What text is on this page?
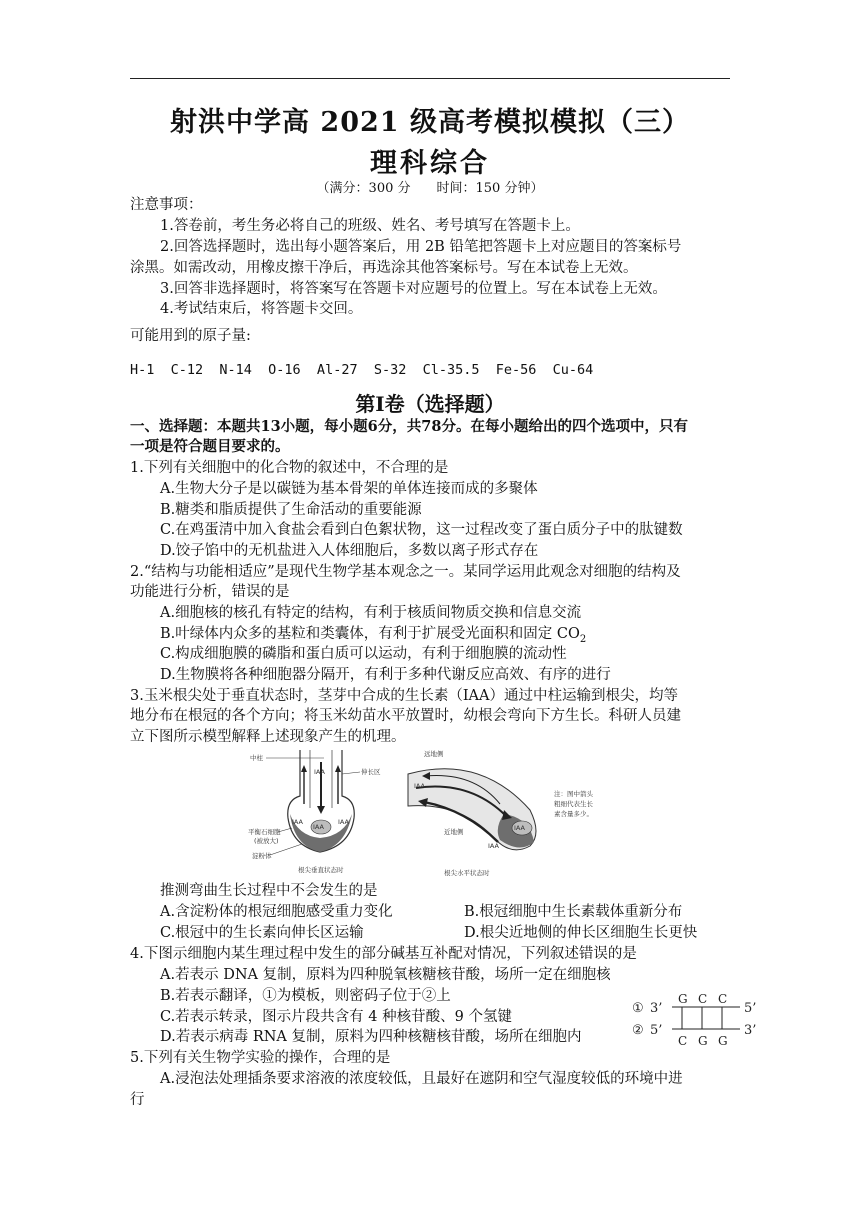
射洪中学高 2021 级高考模拟模拟（三）
理科综合
（满分：300 分　　时间：150 分钟）
注意事项：
1.答卷前，考生务必将自己的班级、姓名、考号填写在答题卡上。
2.回答选择题时，选出每小题答案后，用 2B 铅笔把答题卡上对应题目的答案标号
涂黑。如需改动，用橡皮擦干净后，再选涂其他答案标号。写在本试卷上无效。
3.回答非选择题时，将答案写在答题卡对应题号的位置上。写在本试卷上无效。
4.考试结束后，将答题卡交回。
可能用到的原子量:
H-1  C-12  N-14  O-16  Al-27  S-32  Cl-35.5  Fe-56  Cu-64
第Ⅰ卷（选择题）
一、选择题：本题共13小题，每小题6分，共78分。在每小题给出的四个选项中，只有
一项是符合题目要求的。
1.下列有关细胞中的化合物的叙述中，不合理的是
A.生物大分子是以碳链为基本骨架的单体连接而成的多聚体
B.糖类和脂质提供了生命活动的重要能源
C.在鸡蛋清中加入食盐会看到白色絮状物，这一过程改变了蛋白质分子中的肽键数
D.饺子馅中的无机盐进入人体细胞后，多数以离子形式存在
2.“结构与功能相适应”是现代生物学基本观念之一。某同学运用此观念对细胞的结构及
功能进行分析，错误的是
A.细胞核的核孔有特定的结构，有利于核质间物质交换和信息交流
B.叶绿体内众多的基粒和类囊体，有利于扩展受光面积和固定 $CO_2$
C.构成细胞膜的磷脂和蛋白质可以运动，有利于细胞膜的流动性
D.生物膜将各种细胞器分隔开，有利于多种代谢反应高效、有序的进行
3.玉米根尖处于垂直状态时，茎芽中合成的生长素（IAA）通过中柱运输到根尖，均等
地分布在根冠的各个方向；将玉米幼苗水平放置时，幼根会弯向下方生长。科研人员建
立下图所示模型解释上述现象产生的机理。
中柱
IAA
IAA
IAA	IAA
伸长区
平衡石细胞
(被放大)
淀粉体
根尖垂直状态时
远地侧
IAA
IAA
IAA
近地侧
注：图中箭头
粗细代表生长
素含量多少。
根尖水平状态时
推测弯曲生长过程中不会发生的是
A.含淀粉体的根冠细胞感受重力变化	B.根冠细胞中生长素载体重新分布
C.根冠中的生长素向伸长区运输	D.根尖近地侧的伸长区细胞生长更快
4.下图示细胞内某生理过程中发生的部分碱基互补配对情况，下列叙述错误的是
A.若表示 DNA 复制，原料为四种脱氧核糖核苷酸，场所一定在细胞核
B.若表示翻译，①为模板，则密码子位于②上
C.若表示转录，图示片段共含有 4 种核苷酸、9 个氢键
D.若表示病毒 RNA 复制，原料为四种核糖核苷酸，场所在细胞内
① 3’
G C C
5’
② 5’
C G G
3’
5.下列有关生物学实验的操作，合理的是
A.浸泡法处理插条要求溶液的浓度较低，且最好在遮阴和空气湿度较低的环境中进
行
